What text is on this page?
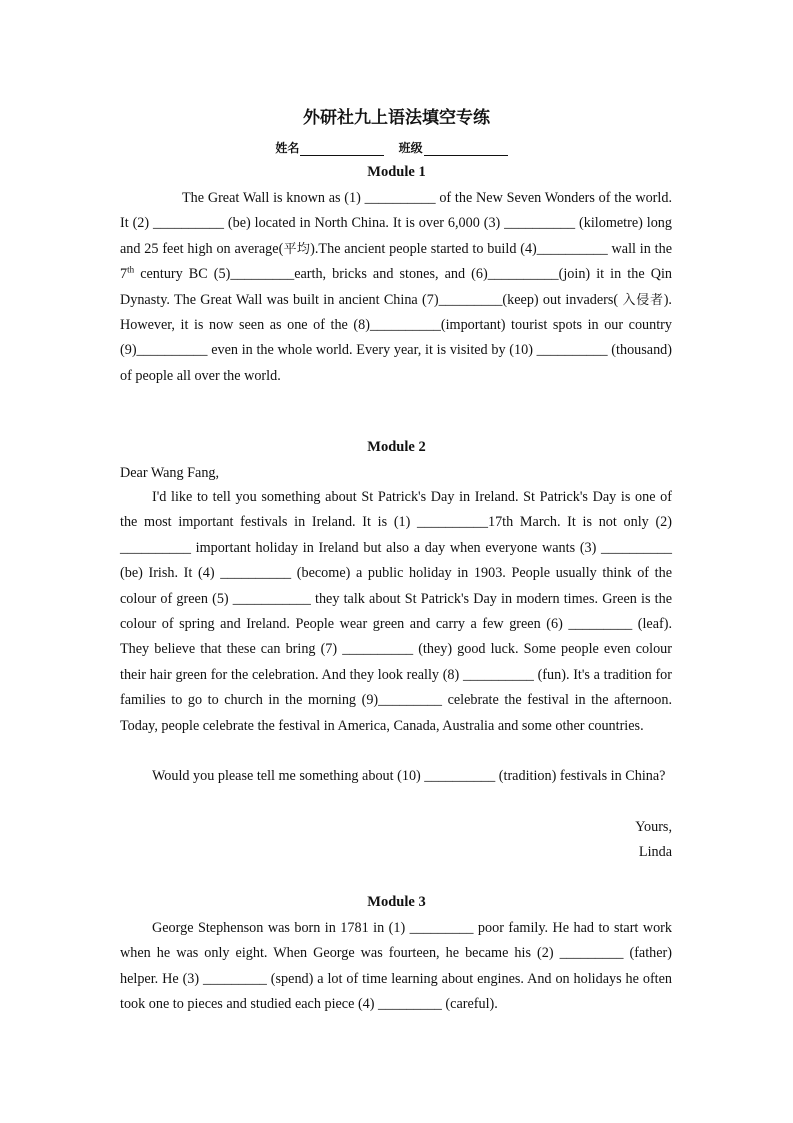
外研社九上语法填空专练
姓名	班级
Module 1
The Great Wall is known as (1) __________ of the New Seven Wonders of the world. It (2) __________ (be) located in North China. It is over 6,000 (3) __________ (kilometre) long and 25 feet high on average(平均).The ancient people started to build (4)__________ wall in the 7th century BC (5)_________earth, bricks and stones, and (6)__________(join) it in the Qin Dynasty. The Great Wall was built in ancient China (7)_________(keep) out invaders( 入侵者). However, it is now seen as one of the (8)__________(important) tourist spots in our country (9)__________ even in the whole world. Every year, it is visited by (10) __________ (thousand) of people all over the world.
Module 2
Dear Wang Fang,
I'd like to tell you something about St Patrick's Day in Ireland. St Patrick's Day is one of the most important festivals in Ireland. It is (1) __________17th March. It is not only (2) __________ important holiday in Ireland but also a day when everyone wants (3) __________ (be) Irish. It (4) __________ (become) a public holiday in 1903. People usually think of the colour of green (5) ___________ they talk about St Patrick's Day in modern times. Green is the colour of spring and Ireland. People wear green and carry a few green (6) _________ (leaf). They believe that these can bring (7) __________ (they) good luck. Some people even colour their hair green for the celebration. And they look really (8) __________ (fun). It's a tradition for families to go to church in the morning (9)_________ celebrate the festival in the afternoon. Today, people celebrate the festival in America, Canada, Australia and some other countries.
Would you please tell me something about (10) __________ (tradition) festivals in China?
Yours,
Linda
Module 3
George Stephenson was born in 1781 in (1) _________ poor family. He had to start work when he was only eight. When George was fourteen, he became his (2) _________ (father) helper. He (3) _________ (spend) a lot of time learning about engines. And on holidays he often took one to pieces and studied each piece (4) _________ (careful).
